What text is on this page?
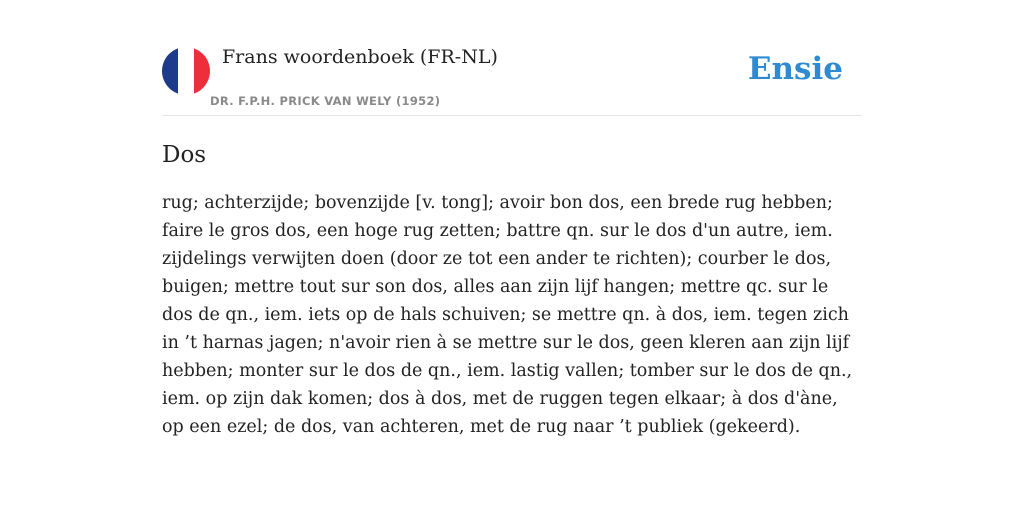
Frans woordenboek (FR-NL)
DR. F.P.H. PRICK VAN WELY (1952)
Ensie
Dos

rug; achterzijde; bovenzijde [v. tong]; avoir bon dos, een brede rug hebben; faire le gros dos, een hoge rug zetten; battre qn. sur le dos d'un autre, iem. zijdelings verwijten doen (door ze tot een ander te richten); courber le dos, buigen; mettre tout sur son dos, alles aan zijn lijf hangen; mettre qc. sur le dos de qn., iem. iets op de hals schuiven; se mettre qn. à dos, iem. tegen zich in ’t harnas jagen; n'avoir rien à se mettre sur le dos, geen kleren aan zijn lijf hebben; monter sur le dos de qn., iem. lastig vallen; tomber sur le dos de qn., iem. op zijn dak komen; dos à dos, met de ruggen tegen elkaar; à dos d'àne, op een ezel; de dos, van achteren, met de rug naar ’t publiek (gekeerd).
